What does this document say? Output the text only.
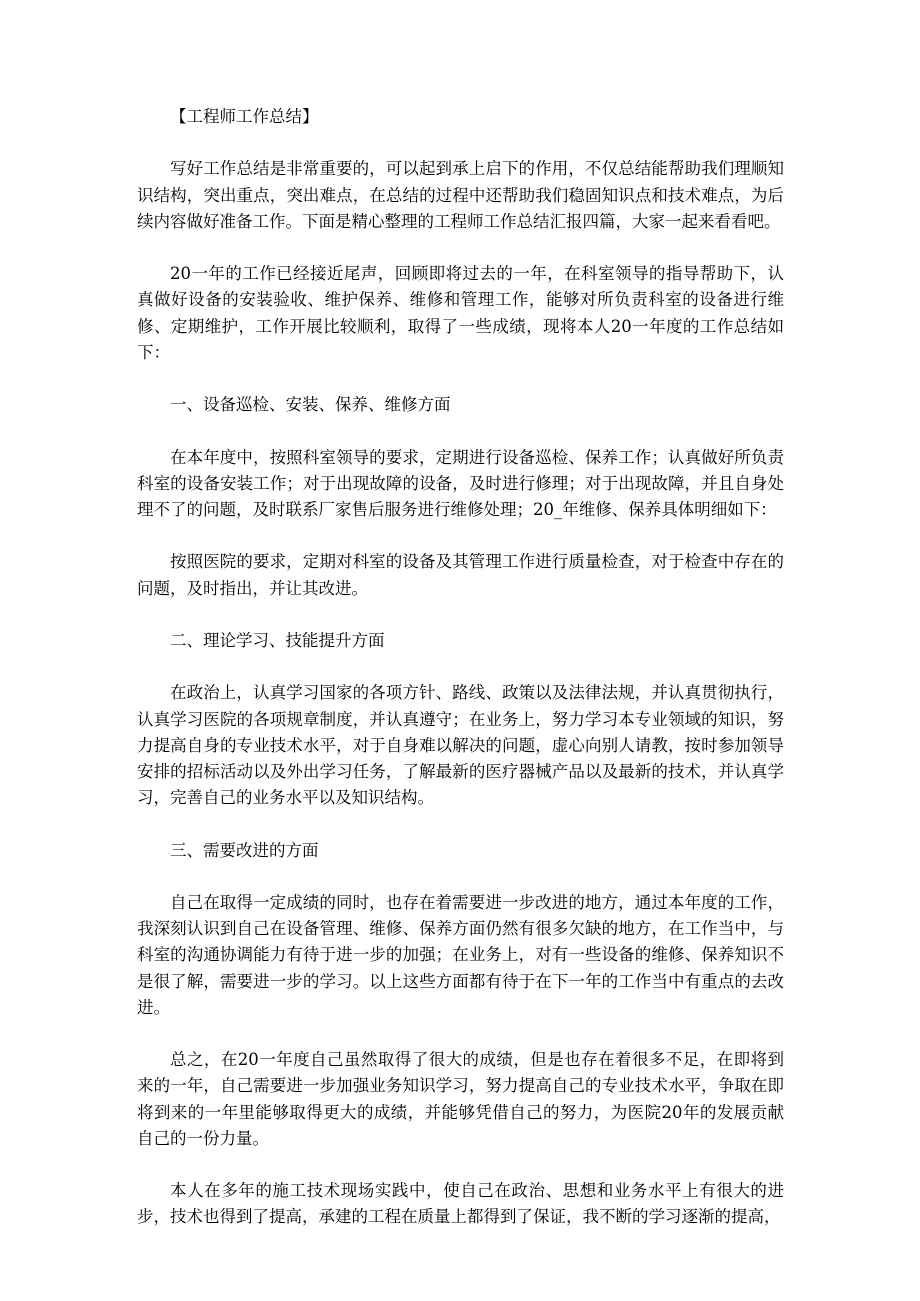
【工程师工作总结】

写好工作总结是非常重要的，可以起到承上启下的作用，不仅总结能帮助我们理顺知识结构，突出重点，突出难点，在总结的过程中还帮助我们稳固知识点和技术难点，为后续内容做好准备工作。下面是精心整理的工程师工作总结汇报四篇，大家一起来看看吧。

20一年的工作已经接近尾声，回顾即将过去的一年，在科室领导的指导帮助下，认真做好设备的安装验收、维护保养、维修和管理工作，能够对所负责科室的设备进行维修、定期维护，工作开展比较顺利，取得了一些成绩，现将本人20一年度的工作总结如下：

一、设备巡检、安装、保养、维修方面

在本年度中，按照科室领导的要求，定期进行设备巡检、保养工作；认真做好所负责科室的设备安装工作；对于出现故障的设备，及时进行修理；对于出现故障，并且自身处理不了的问题，及时联系厂家售后服务进行维修处理；20_年维修、保养具体明细如下：

按照医院的要求，定期对科室的设备及其管理工作进行质量检查，对于检查中存在的问题，及时指出，并让其改进。

二、理论学习、技能提升方面

在政治上，认真学习国家的各项方针、路线、政策以及法律法规，并认真贯彻执行，认真学习医院的各项规章制度，并认真遵守；在业务上，努力学习本专业领域的知识，努力提高自身的专业技术水平，对于自身难以解决的问题，虚心向别人请教，按时参加领导安排的招标活动以及外出学习任务，了解最新的医疗器械产品以及最新的技术，并认真学习，完善自己的业务水平以及知识结构。

三、需要改进的方面

自己在取得一定成绩的同时，也存在着需要进一步改进的地方，通过本年度的工作，我深刻认识到自己在设备管理、维修、保养方面仍然有很多欠缺的地方，在工作当中，与科室的沟通协调能力有待于进一步的加强；在业务上，对有一些设备的维修、保养知识不是很了解，需要进一步的学习。以上这些方面都有待于在下一年的工作当中有重点的去改进。

总之，在20一年度自己虽然取得了很大的成绩，但是也存在着很多不足，在即将到来的一年，自己需要进一步加强业务知识学习，努力提高自己的专业技术水平，争取在即将到来的一年里能够取得更大的成绩，并能够凭借自己的努力，为医院20年的发展贡献自己的一份力量。

本人在多年的施工技术现场实践中，使自己在政治、思想和业务水平上有很大的进步，技术也得到了提高，承建的工程在质量上都得到了保证，我不断的学习逐渐的提高，
